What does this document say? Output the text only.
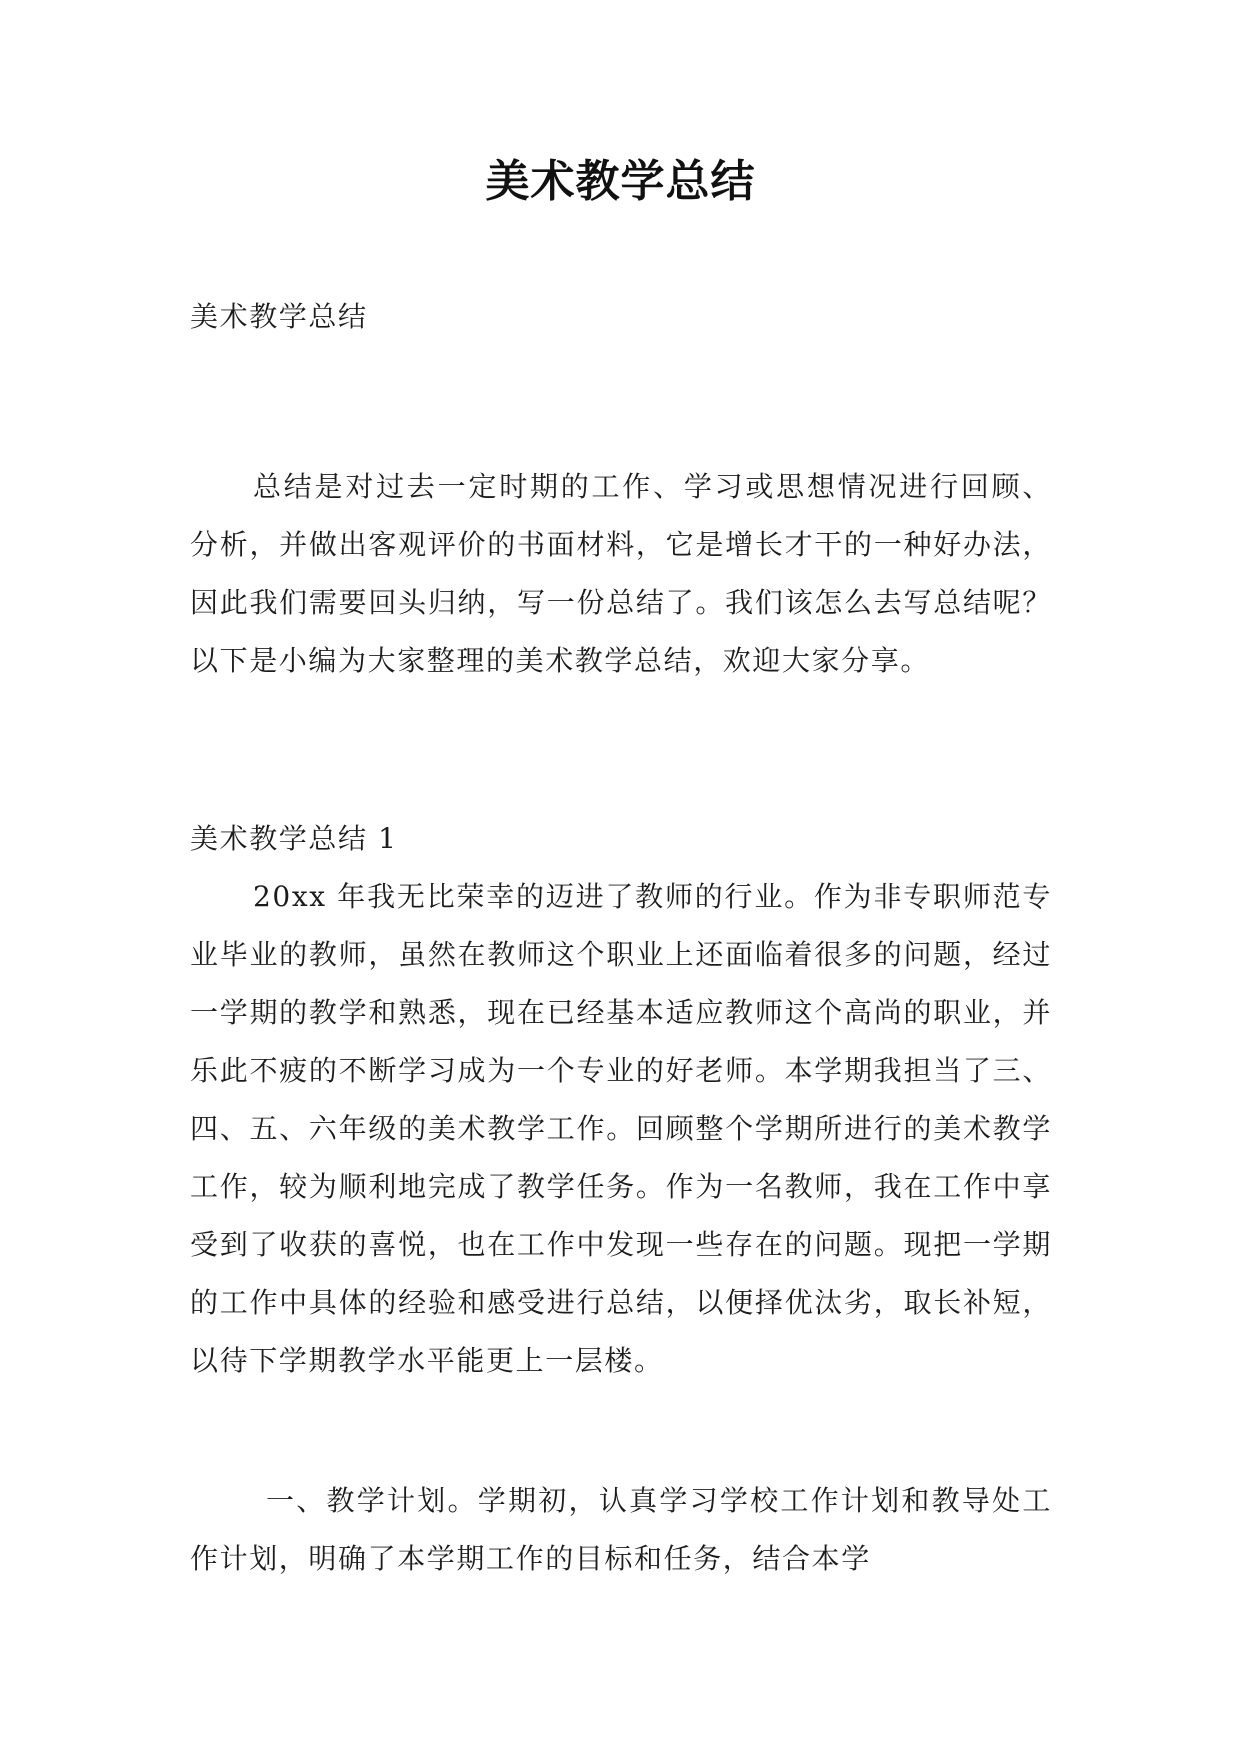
美术教学总结

美术教学总结

总结是对过去一定时期的工作、学习或思想情况进行回顾、分析，并做出客观评价的书面材料，它是增长才干的一种好办法，因此我们需要回头归纳，写一份总结了。我们该怎么去写总结呢？以下是小编为大家整理的美术教学总结，欢迎大家分享。

美术教学总结 1

20xx 年我无比荣幸的迈进了教师的行业。作为非专职师范专业毕业的教师，虽然在教师这个职业上还面临着很多的问题，经过一学期的教学和熟悉，现在已经基本适应教师这个高尚的职业，并乐此不疲的不断学习成为一个专业的好老师。本学期我担当了三、四、五、六年级的美术教学工作。回顾整个学期所进行的美术教学工作，较为顺利地完成了教学任务。作为一名教师，我在工作中享受到了收获的喜悦，也在工作中发现一些存在的问题。现把一学期的工作中具体的经验和感受进行总结，以便择优汰劣，取长补短，以待下学期教学水平能更上一层楼。

一、教学计划。学期初，认真学习学校工作计划和教导处工作计划，明确了本学期工作的目标和任务，结合本学
